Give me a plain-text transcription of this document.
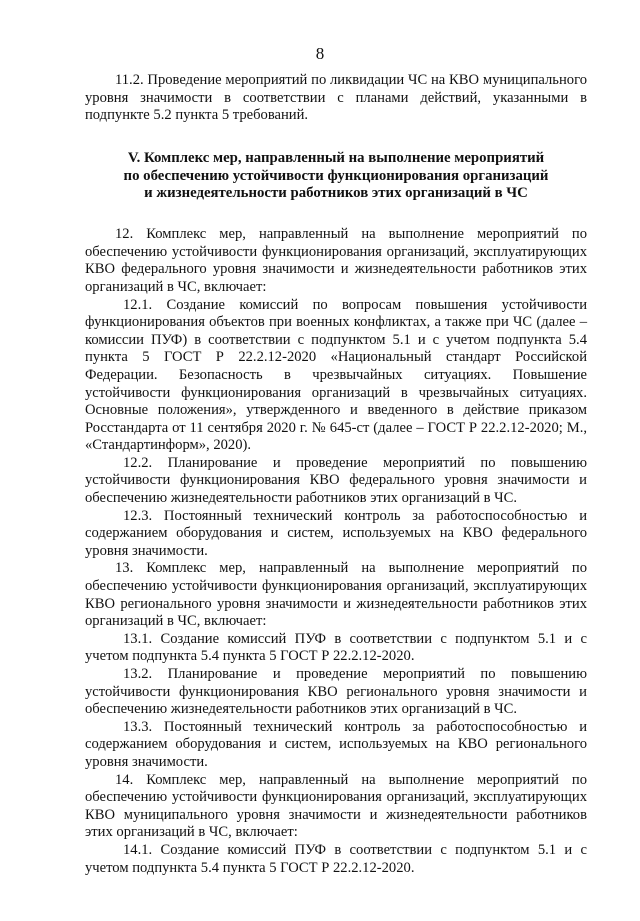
8

11.2. Проведение мероприятий по ликвидации ЧС на КВО муниципального уровня значимости в соответствии с планами действий, указанными в подпункте 5.2 пункта 5 требований.

V. Комплекс мер, направленный на выполнение мероприятий
по обеспечению устойчивости функционирования организаций
и жизнедеятельности работников этих организаций в ЧС

12. Комплекс мер, направленный на выполнение мероприятий по обеспечению устойчивости функционирования организаций, эксплуатирующих КВО федерального уровня значимости и жизнедеятельности работников этих организаций в ЧС, включает:

12.1. Создание комиссий по вопросам повышения устойчивости функционирования объектов при военных конфликтах, а также при ЧС (далее – комиссии ПУФ) в соответствии с подпунктом 5.1 и с учетом подпункта 5.4 пункта 5 ГОСТ Р 22.2.12-2020 «Национальный стандарт Российской Федерации. Безопасность в чрезвычайных ситуациях. Повышение устойчивости функционирования организаций в чрезвычайных ситуациях. Основные положения», утвержденного и введенного в действие приказом Росстандарта от 11 сентября 2020 г. № 645-ст (далее – ГОСТ Р 22.2.12-2020; М., «Стандартинформ», 2020).

12.2. Планирование и проведение мероприятий по повышению устойчивости функционирования КВО федерального уровня значимости и обеспечению жизнедеятельности работников этих организаций в ЧС.

12.3. Постоянный технический контроль за работоспособностью и содержанием оборудования и систем, используемых на КВО федерального уровня значимости.

13. Комплекс мер, направленный на выполнение мероприятий по обеспечению устойчивости функционирования организаций, эксплуатирующих КВО регионального уровня значимости и жизнедеятельности работников этих организаций в ЧС, включает:

13.1. Создание комиссий ПУФ в соответствии с подпунктом 5.1 и с учетом подпункта 5.4 пункта 5 ГОСТ Р 22.2.12-2020.

13.2. Планирование и проведение мероприятий по повышению устойчивости функционирования КВО регионального уровня значимости и обеспечению жизнедеятельности работников этих организаций в ЧС.

13.3. Постоянный технический контроль за работоспособностью и содержанием оборудования и систем, используемых на КВО регионального уровня значимости.

14. Комплекс мер, направленный на выполнение мероприятий по обеспечению устойчивости функционирования организаций, эксплуатирующих КВО муниципального уровня значимости и жизнедеятельности работников этих организаций в ЧС, включает:

14.1. Создание комиссий ПУФ в соответствии с подпунктом 5.1 и с учетом подпункта 5.4 пункта 5 ГОСТ Р 22.2.12-2020.
